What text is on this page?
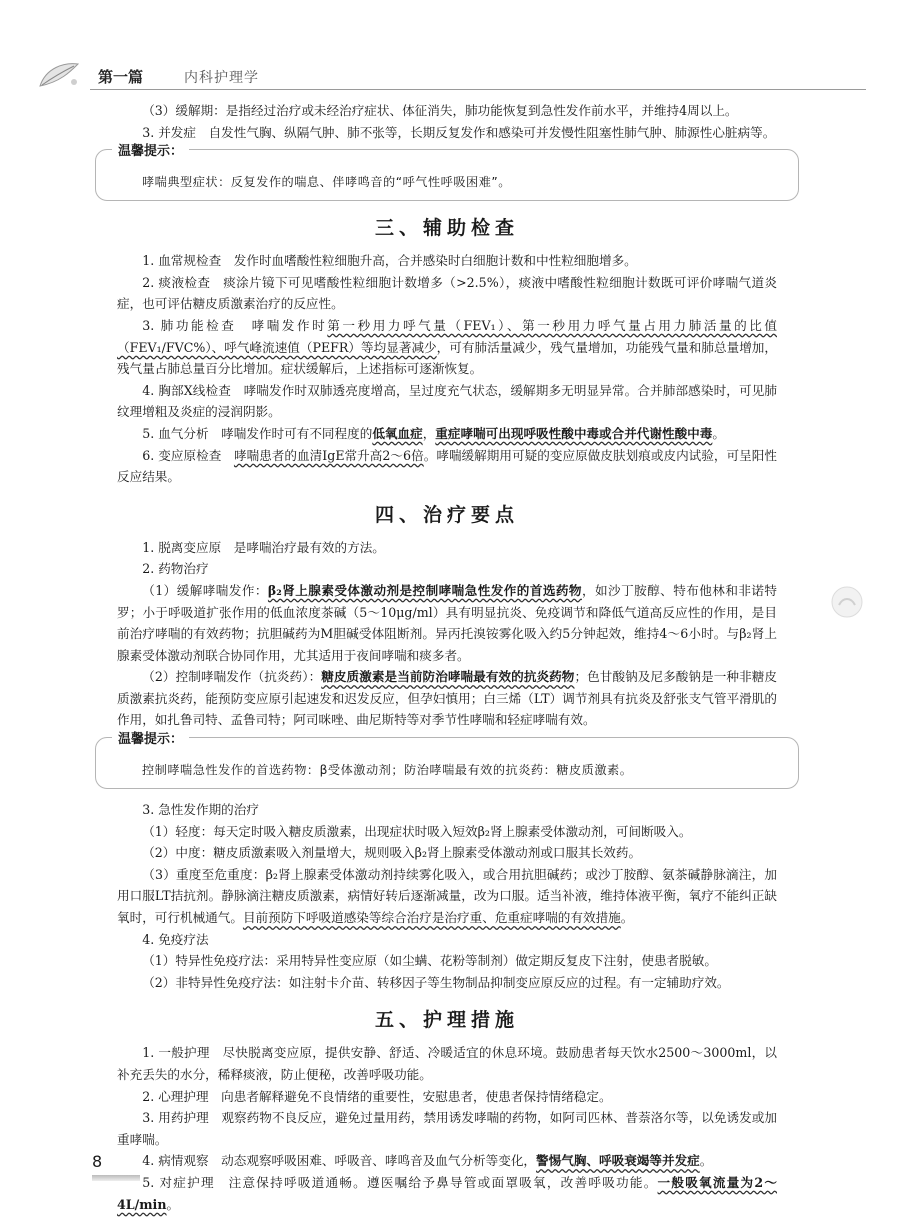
第一篇	内科护理学

（3）缓解期：是指经过治疗或未经治疗症状、体征消失，肺功能恢复到急性发作前水平，并维持4周以上。

3. 并发症　自发性气胸、纵隔气肿、肺不张等，长期反复发作和感染可并发慢性阻塞性肺气肿、肺源性心脏病等。

温馨提示：
哮喘典型症状：反复发作的喘息、伴哮鸣音的“呼气性呼吸困难”。
三、辅助检查

1. 血常规检查　发作时血嗜酸性粒细胞升高，合并感染时白细胞计数和中性粒细胞增多。

2. 痰液检查　痰涂片镜下可见嗜酸性粒细胞计数增多（>2.5%），痰液中嗜酸性粒细胞计数既可评价哮喘气道炎症，也可评估糖皮质激素治疗的反应性。

3. 肺功能检查　哮喘发作时第一秒用力呼气量（FEV₁）、第一秒用力呼气量占用力肺活量的比值（FEV₁/FVC%）、呼气峰流速值（PEFR）等均显著减少，可有肺活量减少，残气量增加，功能残气量和肺总量增加，残气量占肺总量百分比增加。症状缓解后，上述指标可逐渐恢复。

4. 胸部X线检查　哮喘发作时双肺透亮度增高，呈过度充气状态，缓解期多无明显异常。合并肺部感染时，可见肺纹理增粗及炎症的浸润阴影。

5. 血气分析　哮喘发作时可有不同程度的低氧血症，重症哮喘可出现呼吸性酸中毒或合并代谢性酸中毒。

6. 变应原检查　哮喘患者的血清IgE常升高2～6倍。哮喘缓解期用可疑的变应原做皮肤划痕或皮内试验，可呈阳性反应结果。

四、治疗要点

1. 脱离变应原　是哮喘治疗最有效的方法。

2. 药物治疗

（1）缓解哮喘发作：β₂肾上腺素受体激动剂是控制哮喘急性发作的首选药物，如沙丁胺醇、特布他林和非诺特罗；小于呼吸道扩张作用的低血浓度茶碱（5～10μg/ml）具有明显抗炎、免疫调节和降低气道高反应性的作用，是目前治疗哮喘的有效药物；抗胆碱药为M胆碱受体阻断剂。异丙托溴铵雾化吸入约5分钟起效，维持4～6小时。与β₂肾上腺素受体激动剂联合协同作用，尤其适用于夜间哮喘和痰多者。

（2）控制哮喘发作（抗炎药）：糖皮质激素是当前防治哮喘最有效的抗炎药物；色甘酸钠及尼多酸钠是一种非糖皮质激素抗炎药，能预防变应原引起速发和迟发反应，但孕妇慎用；白三烯（LT）调节剂具有抗炎及舒张支气管平滑肌的作用，如扎鲁司特、孟鲁司特；阿司咪唑、曲尼斯特等对季节性哮喘和轻症哮喘有效。

温馨提示：
控制哮喘急性发作的首选药物：β受体激动剂；防治哮喘最有效的抗炎药：糖皮质激素。

3. 急性发作期的治疗

（1）轻度：每天定时吸入糖皮质激素，出现症状时吸入短效β₂肾上腺素受体激动剂，可间断吸入。

（2）中度：糖皮质激素吸入剂量增大，规则吸入β₂肾上腺素受体激动剂或口服其长效药。

（3）重度至危重度：β₂肾上腺素受体激动剂持续雾化吸入，或合用抗胆碱药；或沙丁胺醇、氨茶碱静脉滴注，加用口服LT拮抗剂。静脉滴注糖皮质激素，病情好转后逐渐减量，改为口服。适当补液，维持体液平衡，氧疗不能纠正缺氧时，可行机械通气。目前预防下呼吸道感染等综合治疗是治疗重、危重症哮喘的有效措施。

4. 免疫疗法

（1）特异性免疫疗法：采用特异性变应原（如尘螨、花粉等制剂）做定期反复皮下注射，使患者脱敏。

（2）非特异性免疫疗法：如注射卡介苗、转移因子等生物制品抑制变应原反应的过程。有一定辅助疗效。

五、护理措施

1. 一般护理　尽快脱离变应原，提供安静、舒适、冷暖适宜的休息环境。鼓励患者每天饮水2500～3000ml，以补充丢失的水分，稀释痰液，防止便秘，改善呼吸功能。

2. 心理护理　向患者解释避免不良情绪的重要性，安慰患者，使患者保持情绪稳定。

3. 用药护理　观察药物不良反应，避免过量用药，禁用诱发哮喘的药物，如阿司匹林、普萘洛尔等，以免诱发或加重哮喘。

4. 病情观察　动态观察呼吸困难、呼吸音、哮鸣音及血气分析等变化，警惕气胸、呼吸衰竭等并发症。

5. 对症护理　注意保持呼吸道通畅。遵医嘱给予鼻导管或面罩吸氧，改善呼吸功能。一般吸氧流量为2～4L/min。

8
